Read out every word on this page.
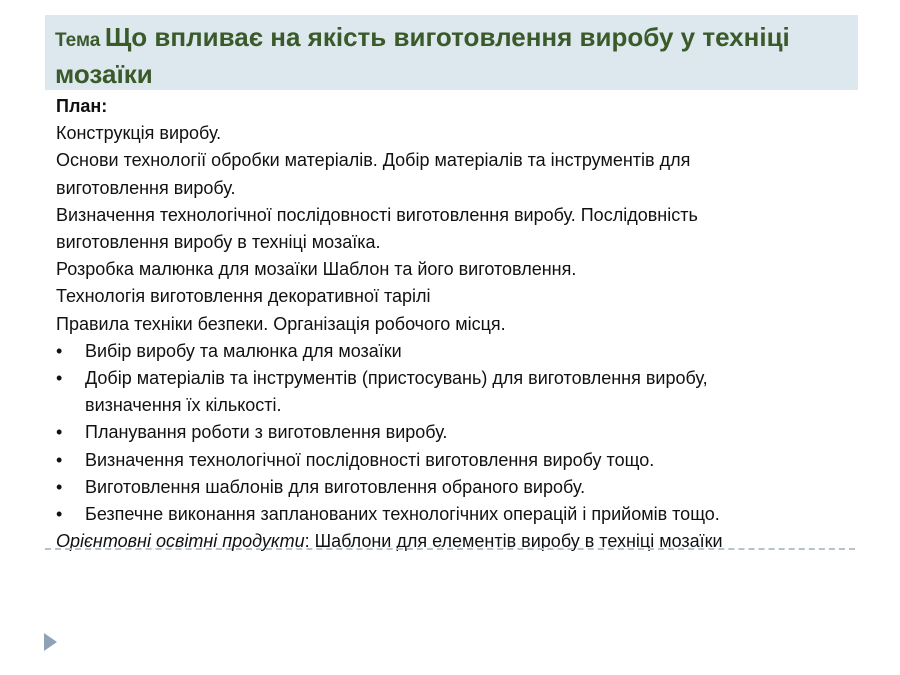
Тема Що впливає на якість виготовлення виробу у техніці мозаїки
План:
Конструкція виробу.
Основи технології обробки матеріалів. Добір матеріалів та інструментів для
виготовлення виробу.
Визначення технологічної послідовності виготовлення виробу. Послідовність
виготовлення виробу в техніці мозаїка.
Розробка малюнка для мозаїки Шаблон та його виготовлення.
Технологія виготовлення декоративної тарілі
Правила техніки безпеки. Організація робочого місця.
• Вибір виробу та малюнка для мозаїки
• Добір матеріалів та інструментів (пристосувань) для виготовлення виробу,
визначення їх кількості.
• Планування роботи з виготовлення виробу.
• Визначення технологічної послідовності виготовлення виробу тощо.
• Виготовлення шаблонів для виготовлення обраного виробу.
• Безпечне виконання запланованих технологічних операцій і прийомів тощо.
Орієнтовні освітні продукти: Шаблони для елементів виробу в техніці мозаїки
